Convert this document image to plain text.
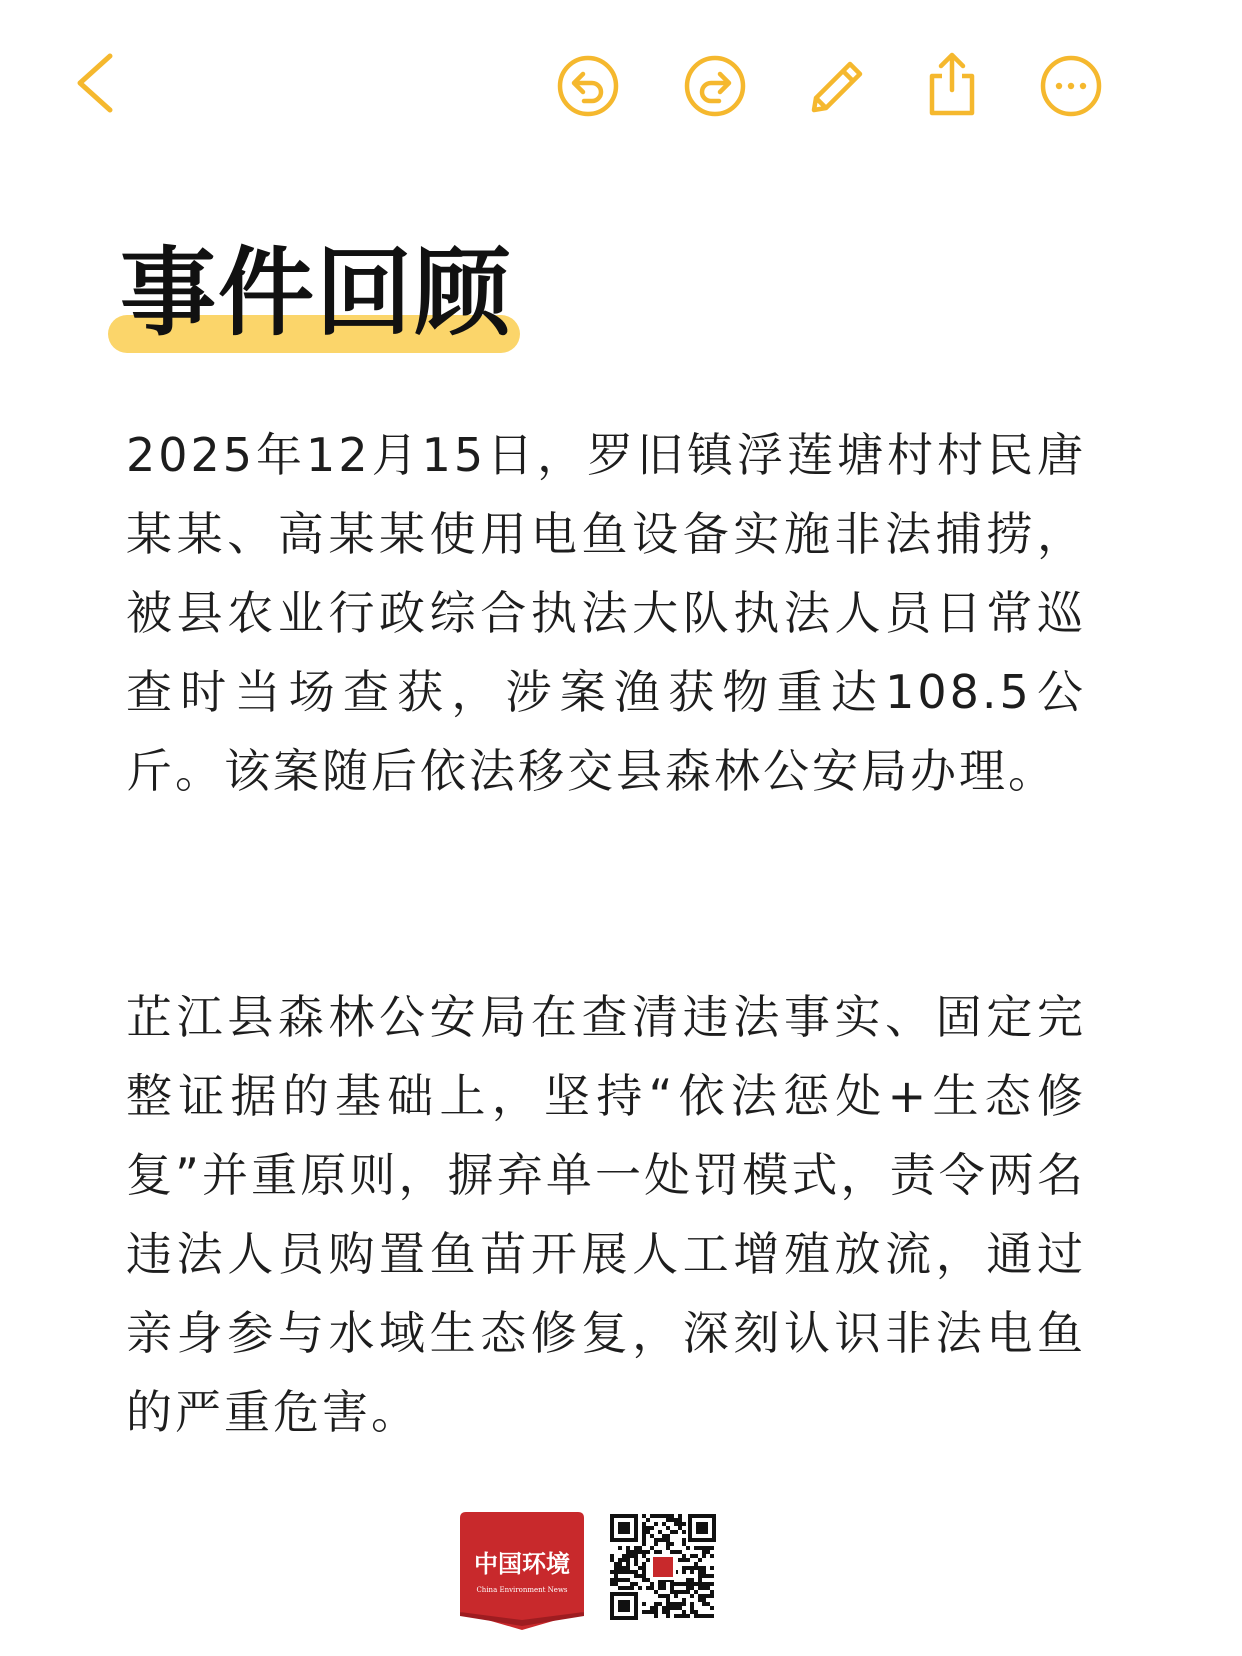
事件回顾

2025年12月15日，罗旧镇浮莲塘村村民唐某某、高某某使用电鱼设备实施非法捕捞，被县农业行政综合执法大队执法人员日常巡查时当场查获，涉案渔获物重达108.5公斤。该案随后依法移交县森林公安局办理。

芷江县森林公安局在查清违法事实、固定完整证据的基础上，坚持“依法惩处+生态修复”并重原则，摒弃单一处罚模式，责令两名违法人员购置鱼苗开展人工增殖放流，通过亲身参与水域生态修复，深刻认识非法电鱼的严重危害。

中国环境
China Environment News
